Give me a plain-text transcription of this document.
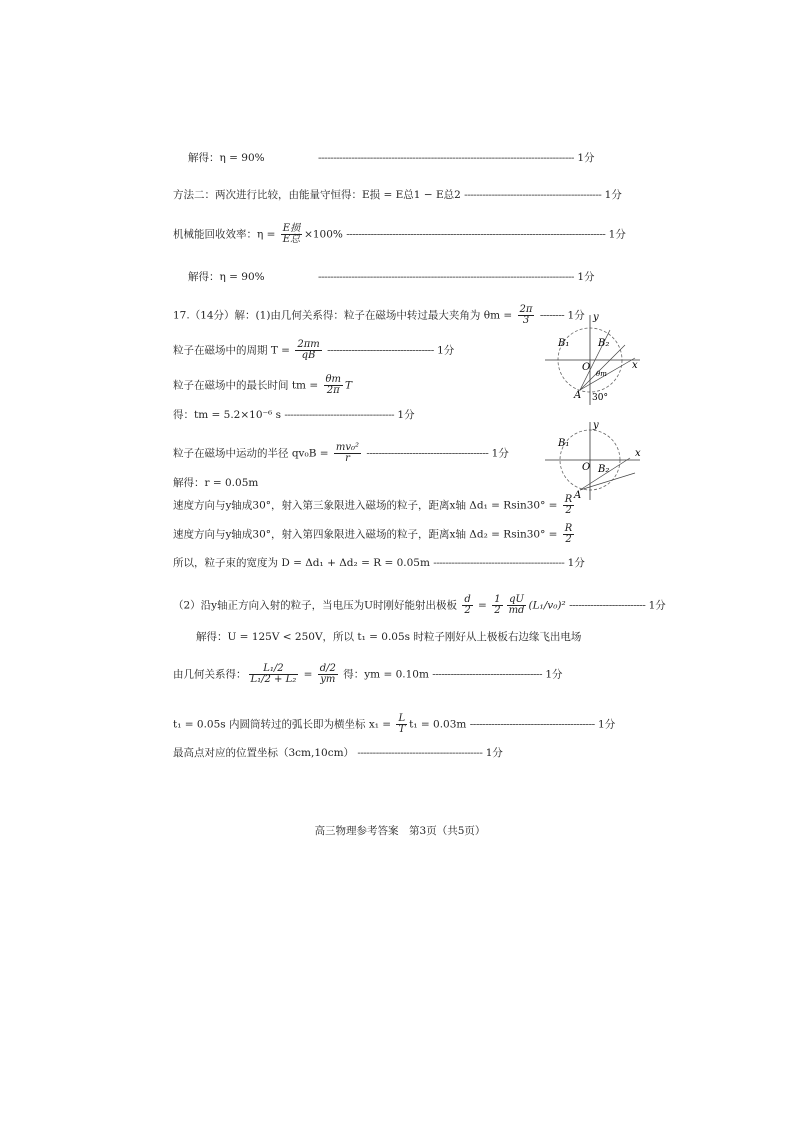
解得：η = 90%	------------------------------------------------------------------------------------ 1分
方法二：两次进行比较，由能量守恒得：E损 = E总1 − E总2 --------------------------------------------- 1分
机械能回收效率：$\eta = \frac{\text{E损}}{\text{E总}} \times 100\%$ ------------------------------------------------------------------------------------- 1分
解得：η = 90%	------------------------------------------------------------------------------------ 1分
17.（14分）解：(1)由几何关系得：粒子在磁场中转过最大夹角为 $\theta m = \frac{2\pi}{3}$ -------- 1分
粒子在磁场中的周期 $T = \frac{2\pi m}{qB}$ ----------------------------------- 1分
粒子在磁场中的最长时间 tm = $\frac{\theta m}{2\pi}$ T
得：tm = 5.2×10⁻⁶ s ------------------------------------ 1分
粒子在磁场中运动的半径 $qv_0B = \frac{\text{mv₀²}}{r}$ ---------------------------------------- 1分
解得：r = 0.05m
速度方向与y轴成30°，射入第三象限进入磁场的粒子，距离x轴 $\Delta d_1 = Rsin30^\circ = \frac{R}{2}$
速度方向与y轴成30°，射入第四象限进入磁场的粒子，距离x轴 $\Delta d_2 = Rsin30^\circ = \frac{R}{2}$
所以，粒子束的宽度为 D = Δd₁ + Δd₂ = R = 0.05m ------------------------------------------- 1分
（2）沿y轴正方向入射的粒子，当电压为U时刚好能射出极板 $\frac{d}{2} = \frac{1}{2} \frac{qU}{md} (L_1/v_0)^2$ ------------------------- 1分
解得：U = 125V < 250V，所以 t₁ = 0.05s 时粒子刚好从上极板右边缘飞出电场
由几何关系得： $\frac{\text{L₁/2}}{\text{L₁/2 + L₂}} = \frac{d/2}{ym}$ 得：ym = 0.10m ------------------------------------ 1分
t₁ = 0.05s 内圆筒转过的弧长即为横坐标 $x_1 = \frac{L}{T} t_1 = 0.03m$ ----------------------------------------- 1分
最高点对应的位置坐标（3cm,10cm） ----------------------------------------- 1分
B₁	B₂
O
A
x
y
30°
θm
B₁
B₂
O
A
x
y
高三物理参考答案　第3页（共5页）
